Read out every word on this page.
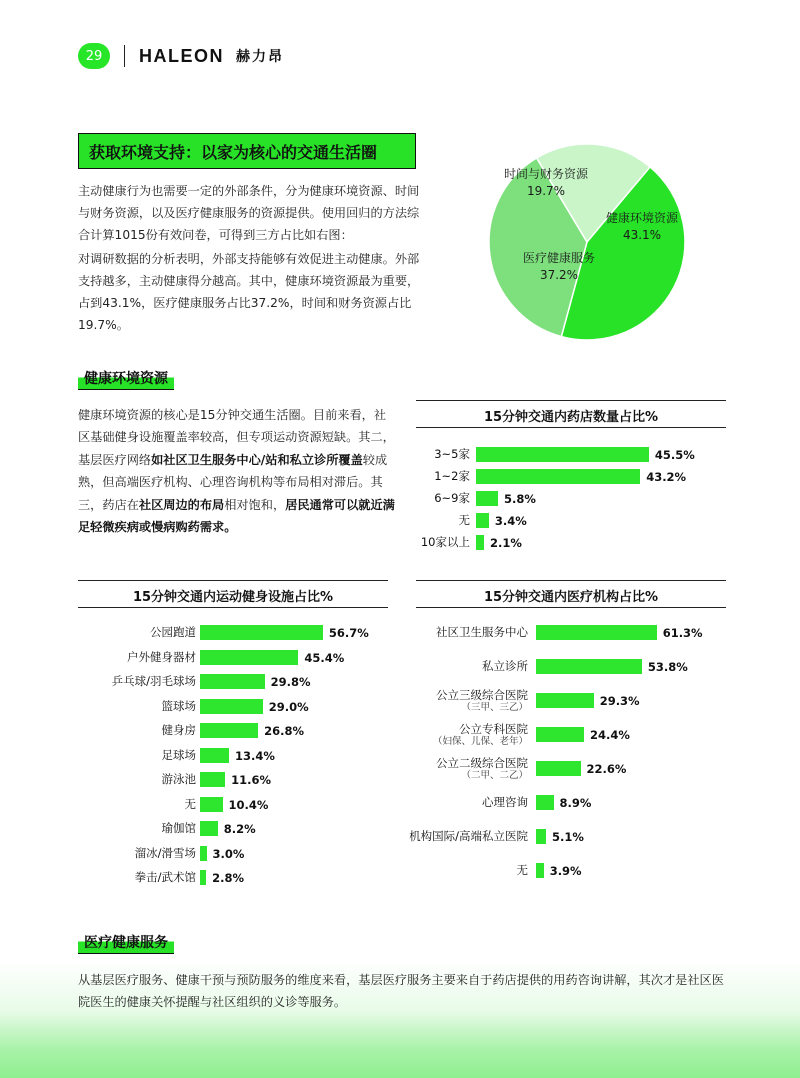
29	HALEON 赫力昂
获取环境支持：以家为核心的交通生活圈

主动健康行为也需要一定的外部条件，分为健康环境资源、时间与财务资源，以及医疗健康服务的资源提供。使用回归的方法综合计算1015份有效问卷，可得到三方占比如右图：

对调研数据的分析表明，外部支持能够有效促进主动健康。外部支持越多，主动健康得分越高。其中，健康环境资源最为重要，占到43.1%，医疗健康服务占比37.2%，时间和财务资源占比19.7%。

健康环境资源
43.1%
医疗健康服务
37.2%
时间与财务资源
19.7%
健康环境资源

健康环境资源的核心是15分钟交通生活圈。目前来看，社区基础健身设施覆盖率较高，但专项运动资源短缺。其二，基层医疗网络如社区卫生服务中心/站和私立诊所覆盖较成熟，但高端医疗机构、心理咨询机构等布局相对滞后。其三，药店在社区周边的布局相对饱和，居民通常可以就近满足轻微疾病或慢病购药需求。

15分钟交通内药店数量占比%
3~5家	45.5%
1~2家	43.2%
6~9家	5.8%
无 3.4%
10家以上 2.1%
15分钟交通内运动健身设施占比%
公园跑道	56.7%
户外健身器材	45.4%
乒乓球/羽毛球场	29.8%
篮球场	29.0%
健身房	26.8%
足球场	13.4%
游泳池	11.6%
无	10.4%
瑜伽馆 8.2%
溜冰/滑雪场 3.0%
拳击/武术馆 2.8%
15分钟交通内医疗机构占比%
社区卫生服务中心	61.3%
私立诊所	53.8%
公立三级综合医院
（三甲、三乙）	29.3%
公立专科医院
（妇保、儿保、老年）	24.4%
公立二级综合医院
（二甲、二乙）	22.6%
心理咨询	8.9%
机构国际/高端私立医院 5.1%
无 3.9%
医疗健康服务

从基层医疗服务、健康干预与预防服务的维度来看，基层医疗服务主要来自于药店提供的用药咨询讲解，其次才是社区医院医生的健康关怀提醒与社区组织的义诊等服务。
